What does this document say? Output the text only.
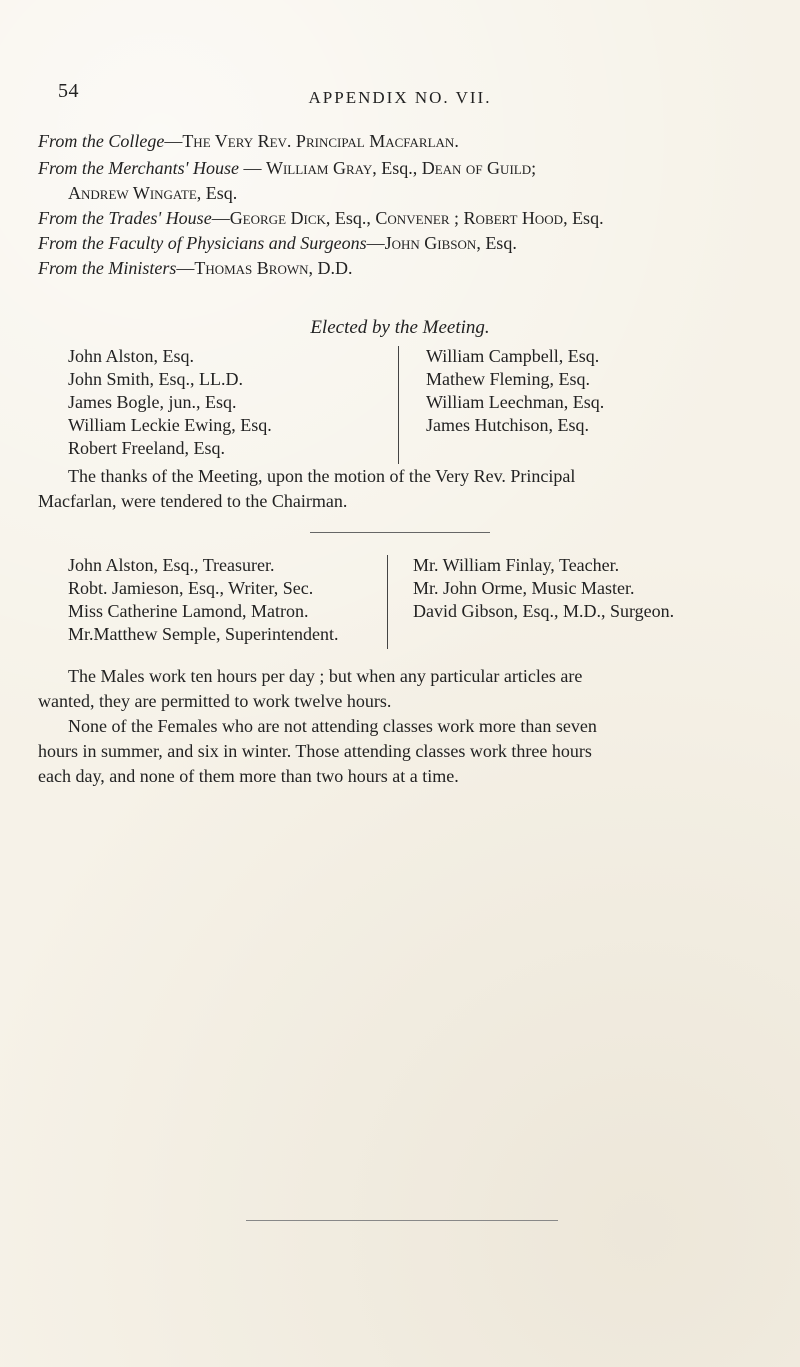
54	APPENDIX NO. VII.
From the College—The Very Rev. Principal Macfarlan.
From the Merchants' House — William Gray, Esq., Dean of Guild;
Andrew Wingate, Esq.
From the Trades' House—George Dick, Esq., Convener ; Robert Hood, Esq.
From the Faculty of Physicians and Surgeons—John Gibson, Esq.
From the Ministers—Thomas Brown, D.D.
Elected by the Meeting.
John Alston, Esq.
John Smith, Esq., LL.D.
James Bogle, jun., Esq.
William Leckie Ewing, Esq.
Robert Freeland, Esq.
William Campbell, Esq.
Mathew Fleming, Esq.
William Leechman, Esq.
James Hutchison, Esq.
The thanks of the Meeting, upon the motion of the Very Rev. Principal
Macfarlan, were tendered to the Chairman.
John Alston, Esq., Treasurer.
Robt. Jamieson, Esq., Writer, Sec.
Miss Catherine Lamond, Matron.
Mr.Matthew Semple, Superintendent.
Mr. William Finlay, Teacher.
Mr. John Orme, Music Master.
David Gibson, Esq., M.D., Surgeon.
The Males work ten hours per day ; but when any particular articles are
wanted, they are permitted to work twelve hours.
None of the Females who are not attending classes work more than seven
hours in summer, and six in winter. Those attending classes work three hours
each day, and none of them more than two hours at a time.
